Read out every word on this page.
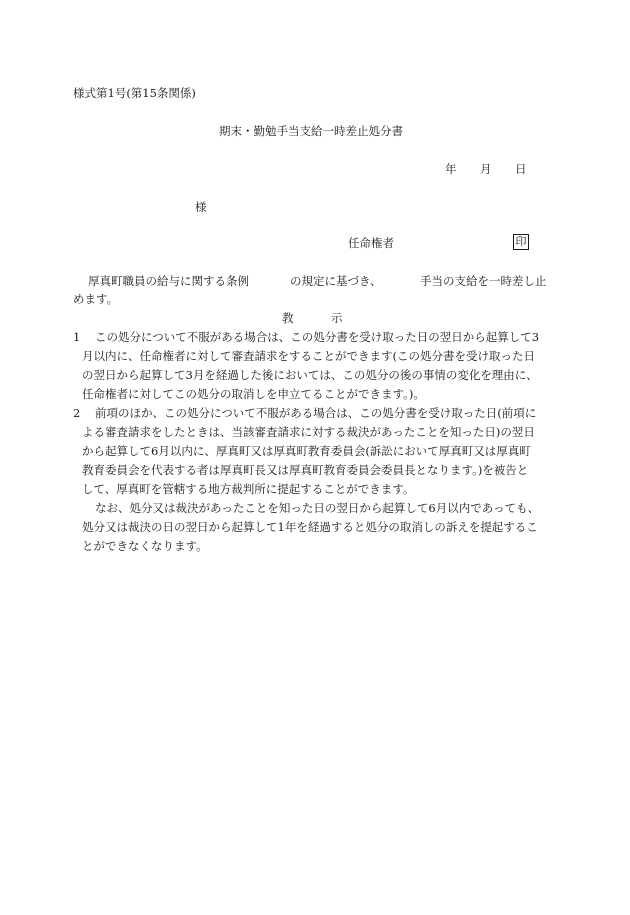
様式第1号(第15条関係)
期末・勤勉手当支給一時差止処分書
年 月 日
様
任命権者	印
厚真町職員の給与に関する条例	の規定に基づき、	手当の支給を一時差し止
めます。
教	示
1 この処分について不服がある場合は、この処分書を受け取った日の翌日から起算して3
月以内に、任命権者に対して審査請求をすることができます(この処分書を受け取った日
の翌日から起算して3月を経過した後においては、この処分の後の事情の変化を理由に、
任命権者に対してこの処分の取消しを申立てることができます。)。
2 前項のほか、この処分について不服がある場合は、この処分書を受け取った日(前項に
よる審査請求をしたときは、当該審査請求に対する裁決があったことを知った日)の翌日
から起算して6月以内に、厚真町又は厚真町教育委員会(訴訟において厚真町又は厚真町
教育委員会を代表する者は厚真町長又は厚真町教育委員会委員長となります。)を被告と
して、厚真町を管轄する地方裁判所に提起することができます。
なお、処分又は裁決があったことを知った日の翌日から起算して6月以内であっても、
処分又は裁決の日の翌日から起算して1年を経過すると処分の取消しの訴えを提起するこ
とができなくなります。
